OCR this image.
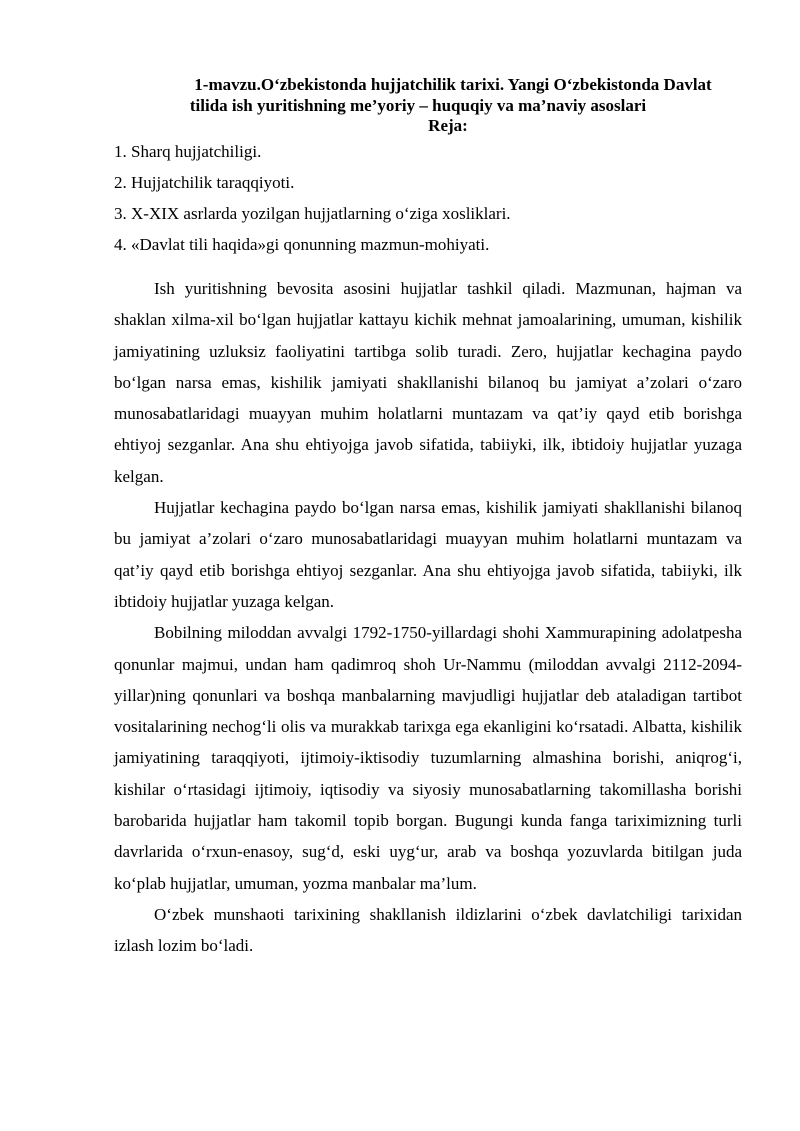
1-mavzu.O‘zbekistonda hujjatchilik tarixi. Yangi O‘zbekistonda Davlat
tilida ish yuritishning me’yoriy – huquqiy va ma’naviy asoslari
Reja:
1. Sharq hujjatchiligi.
2. Hujjatchilik taraqqiyoti.
3. X-XIX asrlarda yozilgan hujjatlarning o‘ziga xosliklari.
4. «Davlat tili haqida»gi qonunning mazmun-mohiyati.

Ish yuritishning bevosita asosini hujjatlar tashkil qiladi. Mazmunan, hajman va shaklan xilma-xil bo‘lgan hujjatlar kattayu kichik mehnat jamoalarining, umuman, kishilik jamiyatining uzluksiz faoliyatini tartibga solib turadi. Zero, hujjatlar kechagina paydo bo‘lgan narsa emas, kishilik jamiyati shakllanishi bilanoq bu jamiyat a’zolari o‘zaro munosabatlaridagi muayyan muhim holatlarni muntazam va qat’iy qayd etib borishga ehtiyoj sezganlar. Ana shu ehtiyojga javob sifatida, tabiiyki, ilk, ibtidoiy hujjatlar yuzaga kelgan.

Hujjatlar kechagina paydo bo‘lgan narsa emas, kishilik jamiyati shakllanishi bilanoq bu jamiyat a’zolari o‘zaro munosabatlaridagi muayyan muhim holatlarni muntazam va qat’iy qayd etib borishga ehtiyoj sezganlar. Ana shu ehtiyojga javob sifatida, tabiiyki, ilk ibtidoiy hujjatlar yuzaga kelgan.

Bobilning miloddan avvalgi 1792-1750-yillardagi shohi Xammurapining adolatpesha qonunlar majmui, undan ham qadimroq shoh Ur-Nammu (miloddan avvalgi 2112-2094-yillar)ning qonunlari va boshqa manbalarning mavjudligi hujjatlar deb ataladigan tartibot vositalarining nechog‘li olis va murakkab tarixga ega ekanligini ko‘rsatadi. Albatta, kishilik jamiyatining taraqqiyoti, ijtimoiy-iktisodiy tuzumlarning almashina borishi, aniqrog‘i, kishilar o‘rtasidagi ijtimoiy, iqtisodiy va siyosiy munosabatlarning takomillasha borishi barobarida hujjatlar ham takomil topib borgan. Bugungi kunda fanga tariximizning turli davrlarida o‘rxun-enasoy, sug‘d, eski uyg‘ur, arab va boshqa yozuvlarda bitilgan juda ko‘plab hujjatlar, umuman, yozma manbalar ma’lum.

O‘zbek munshaoti tarixining shakllanish ildizlarini o‘zbek davlatchiligi tarixidan izlash lozim bo‘ladi.
